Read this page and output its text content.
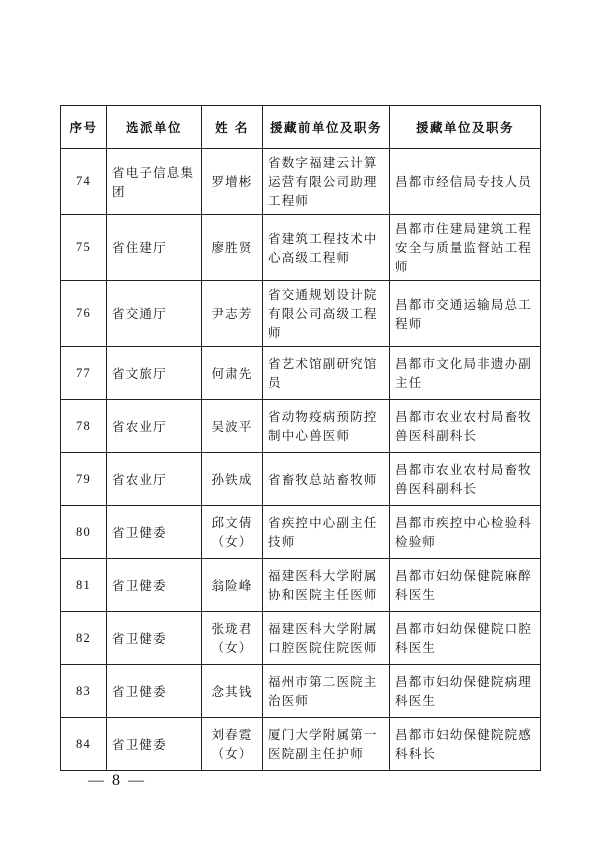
序号	选派单位	姓 名	援藏前单位及职务	援藏单位及职务
74	省电子信息集团	罗增彬	省数字福建云计算运营有限公司助理工程师	昌都市经信局专技人员
75	省住建厅	廖胜贤	省建筑工程技术中心高级工程师	昌都市住建局建筑工程安全与质量监督站工程师
76	省交通厅	尹志芳	省交通规划设计院有限公司高级工程师	昌都市交通运输局总工程师
77	省文旅厅	何肃先	省艺术馆副研究馆员	昌都市文化局非遗办副主任
78	省农业厅	吴波平	省动物疫病预防控制中心兽医师	昌都市农业农村局畜牧兽医科副科长
79	省农业厅	孙铁成	省畜牧总站畜牧师	昌都市农业农村局畜牧兽医科副科长
80	省卫健委	邱文倩（女）	省疾控中心副主任技师	昌都市疾控中心检验科检验师
81	省卫健委	翁险峰	福建医科大学附属协和医院主任医师	昌都市妇幼保健院麻醉科医生
82	省卫健委	张珑君（女）	福建医科大学附属口腔医院住院医师	昌都市妇幼保健院口腔科医生
83	省卫健委	念其钱	福州市第二医院主治医师	昌都市妇幼保健院病理科医生
84	省卫健委	刘春霓（女）	厦门大学附属第一医院副主任护师	昌都市妇幼保健院院感科科长
— 8 —
